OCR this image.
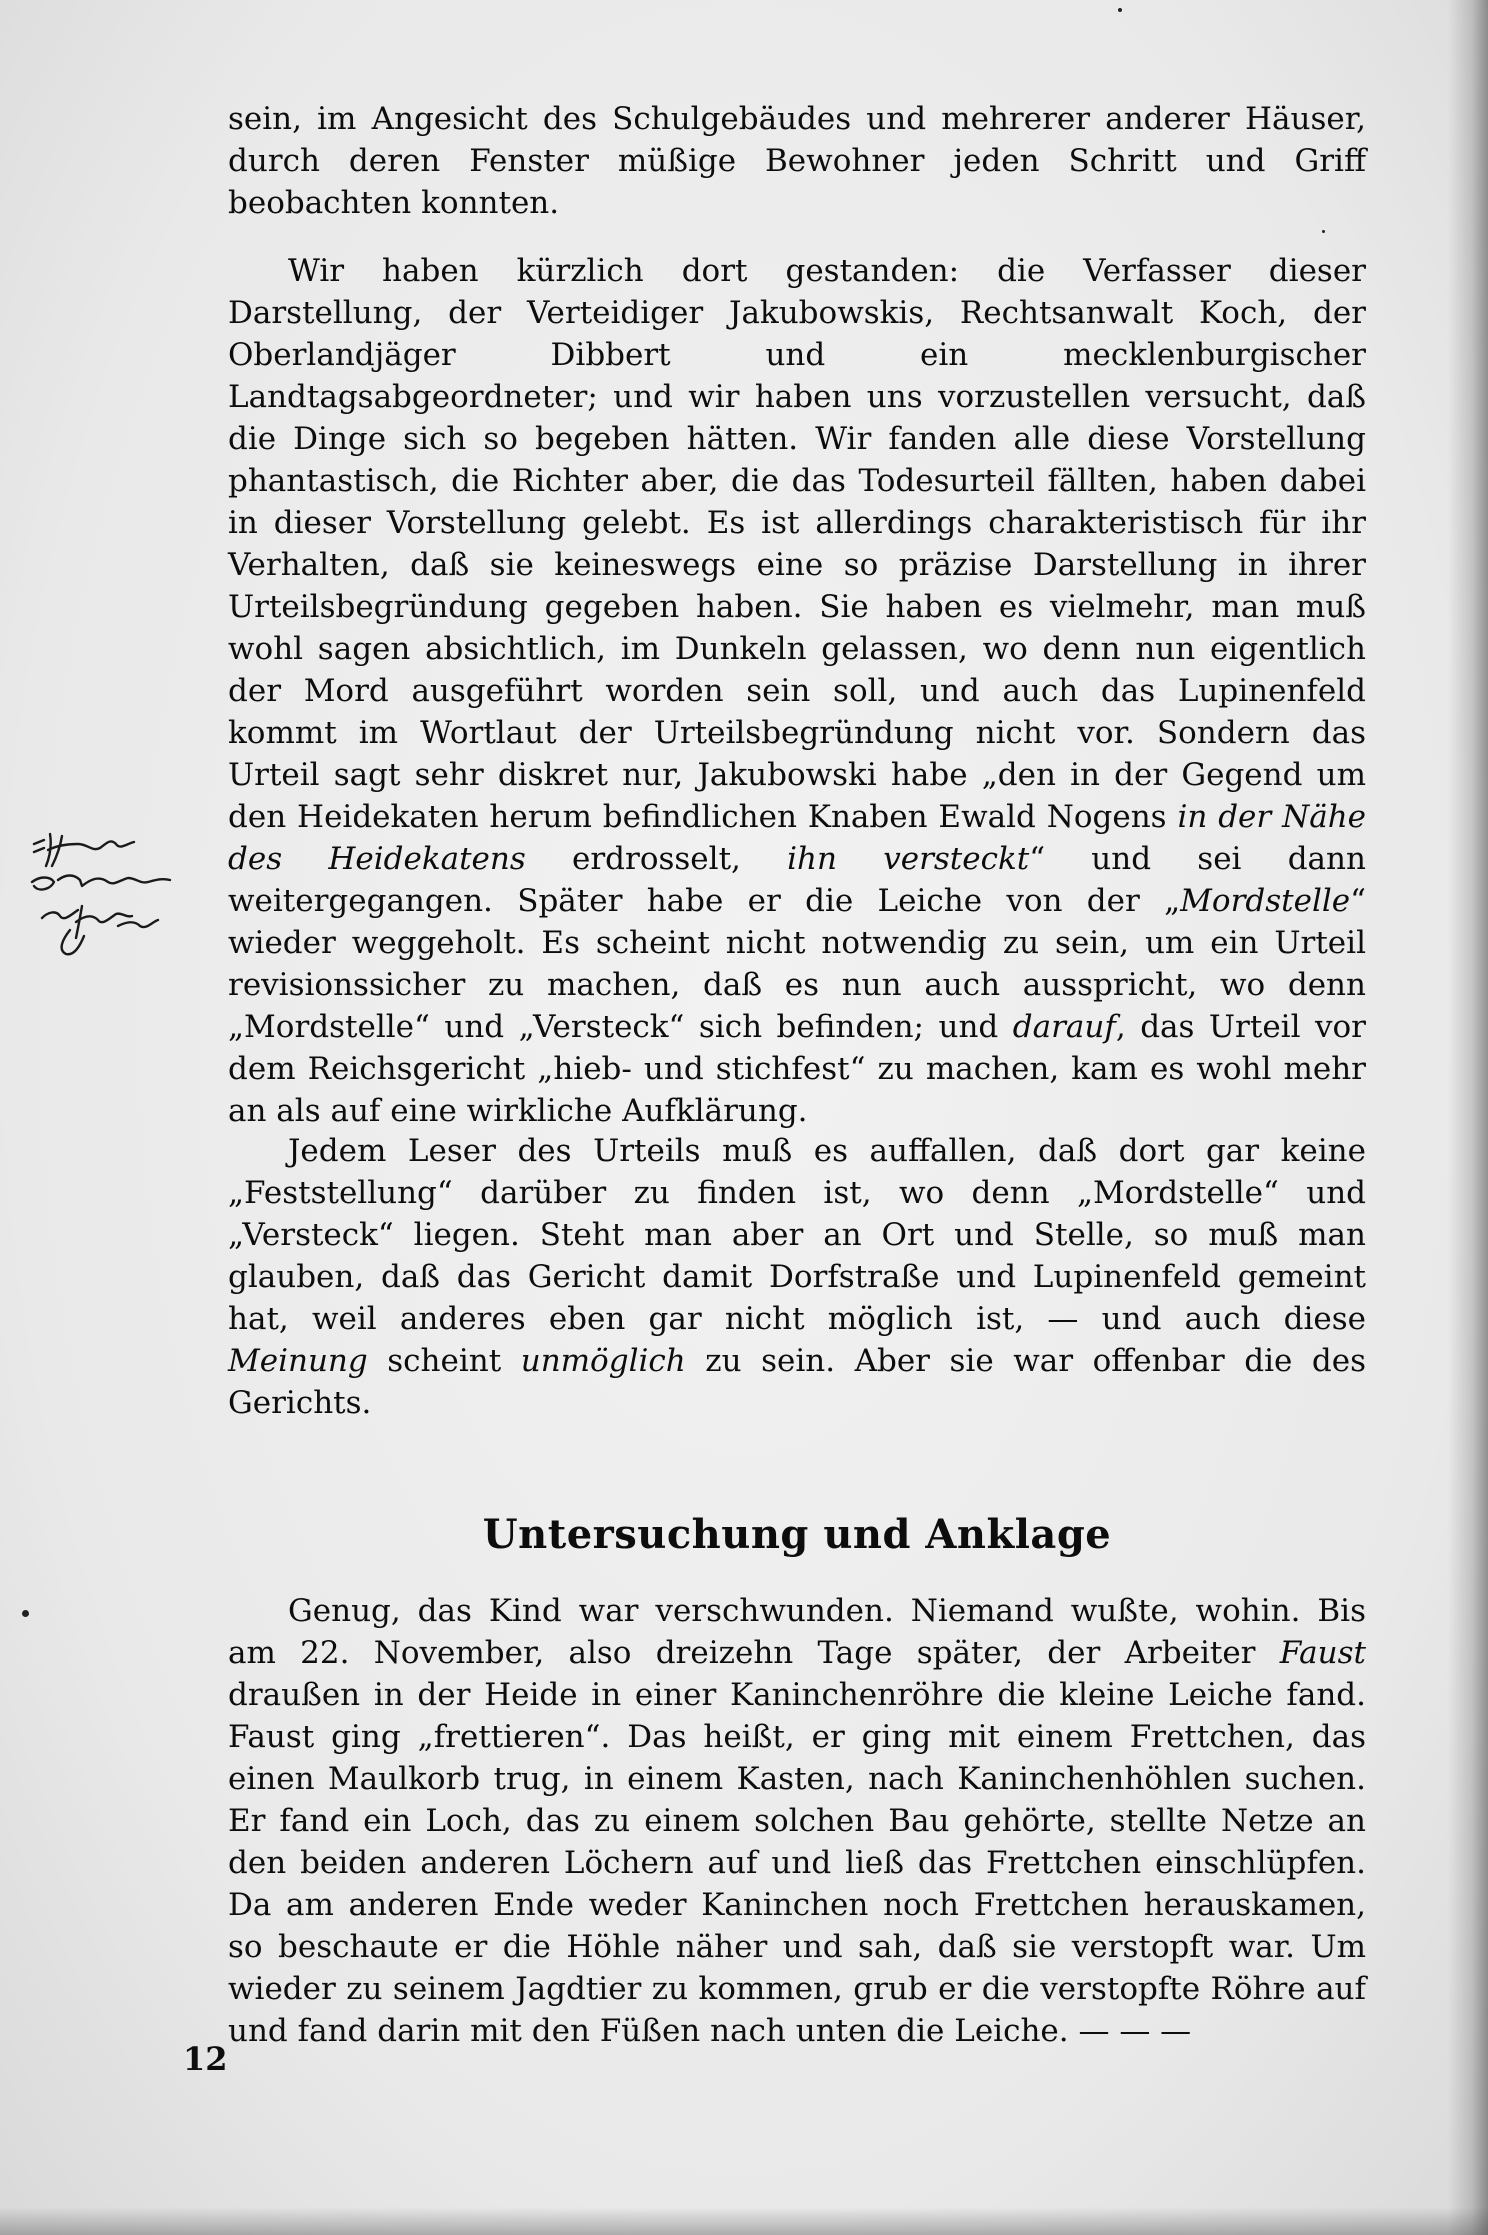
sein, im Angesicht des Schulgebäudes und mehrerer anderer Häuser, durch deren Fenster müßige Bewohner jeden Schritt und Griff beobachten konnten.

Wir haben kürzlich dort gestanden: die Verfasser dieser Darstellung, der Verteidiger Jakubowskis, Rechtsanwalt Koch, der Oberlandjäger Dibbert und ein mecklenburgischer Landtagsabgeordneter; und wir haben uns vorzustellen versucht, daß die Dinge sich so begeben hätten. Wir fanden alle diese Vorstellung phantastisch, die Richter aber, die das Todesurteil fällten, haben dabei in dieser Vorstellung gelebt. Es ist allerdings charakteristisch für ihr Verhalten, daß sie keineswegs eine so präzise Darstellung in ihrer Urteilsbegründung gegeben haben. Sie haben es vielmehr, man muß wohl sagen absichtlich, im Dunkeln gelassen, wo denn nun eigentlich der Mord ausgeführt worden sein soll, und auch das Lupinenfeld kommt im Wortlaut der Urteilsbegründung nicht vor. Sondern das Urteil sagt sehr diskret nur, Jakubowski habe „den in der Gegend um den Heidekaten herum befindlichen Knaben Ewald Nogens in der Nähe des Heidekatens erdrosselt, ihn versteckt“ und sei dann weitergegangen. Später habe er die Leiche von der „Mordstelle“ wieder weggeholt. Es scheint nicht notwendig zu sein, um ein Urteil revisionssicher zu machen, daß es nun auch ausspricht, wo denn „Mordstelle“ und „Versteck“ sich befinden; und darauf, das Urteil vor dem Reichsgericht „hieb- und stichfest“ zu machen, kam es wohl mehr an als auf eine wirkliche Aufklärung.

Jedem Leser des Urteils muß es auffallen, daß dort gar keine „Feststellung“ darüber zu finden ist, wo denn „Mordstelle“ und „Versteck“ liegen. Steht man aber an Ort und Stelle, so muß man glauben, daß das Gericht damit Dorfstraße und Lupinenfeld gemeint hat, weil anderes eben gar nicht möglich ist, — und auch diese Meinung scheint unmöglich zu sein. Aber sie war offenbar die des Gerichts.

Untersuchung und Anklage

Genug, das Kind war verschwunden. Niemand wußte, wohin. Bis am 22. November, also dreizehn Tage später, der Arbeiter Faust draußen in der Heide in einer Kaninchenröhre die kleine Leiche fand. Faust ging „frettieren“. Das heißt, er ging mit einem Frettchen, das einen Maulkorb trug, in einem Kasten, nach Kaninchenhöhlen suchen. Er fand ein Loch, das zu einem solchen Bau gehörte, stellte Netze an den beiden anderen Löchern auf und ließ das Frettchen einschlüpfen. Da am anderen Ende weder Kaninchen noch Frettchen herauskamen, so beschaute er die Höhle näher und sah, daß sie verstopft war. Um wieder zu seinem Jagdtier zu kommen, grub er die verstopfte Röhre auf und fand darin mit den Füßen nach unten die Leiche. — — —

12
